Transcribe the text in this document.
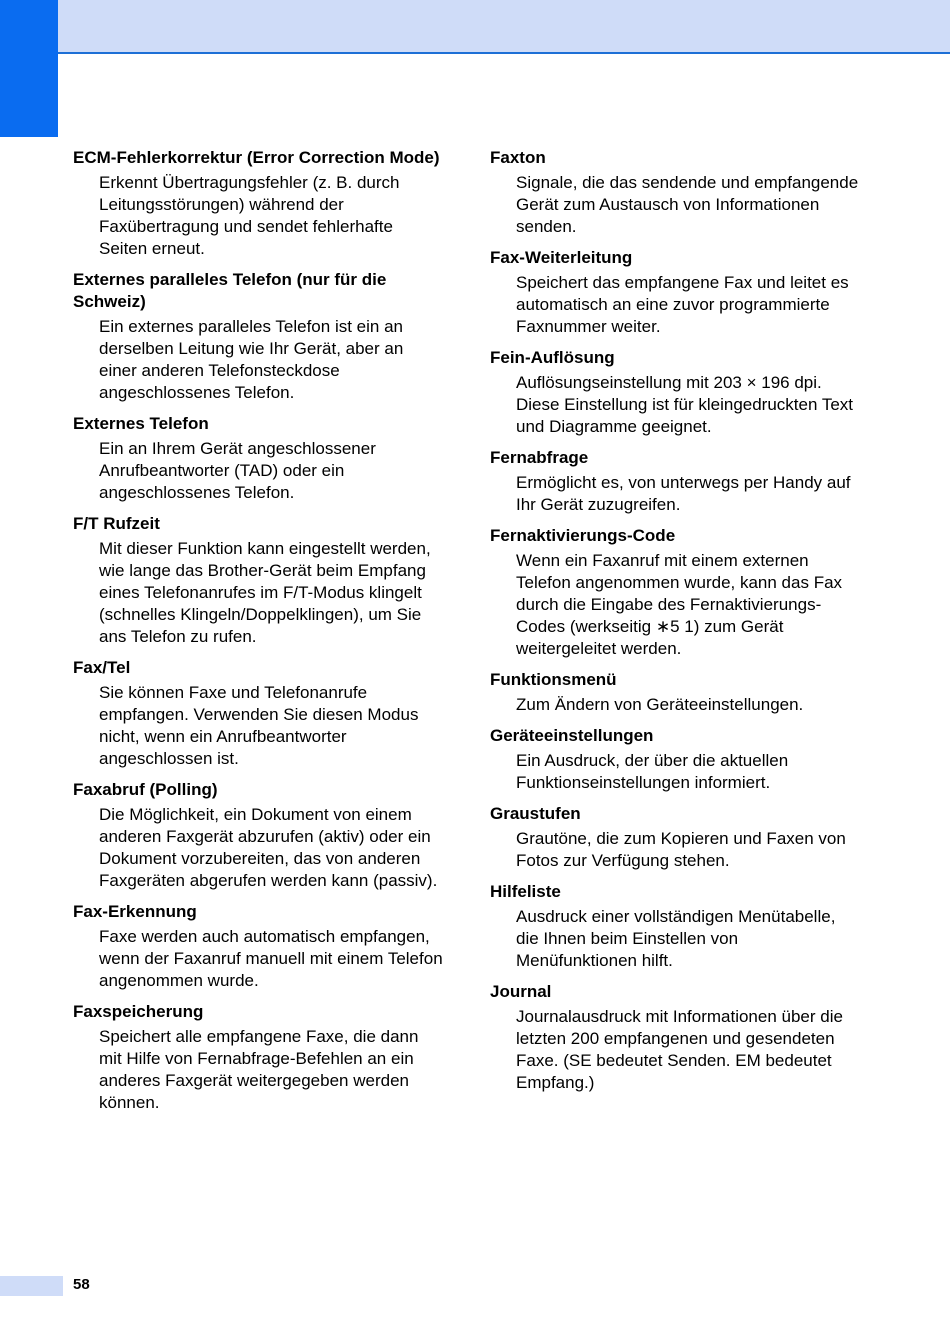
ECM-Fehlerkorrektur (Error Correction Mode)
Erkennt Übertragungsfehler (z. B. durch Leitungsstörungen) während der Faxübertragung und sendet fehlerhafte Seiten erneut.
Externes paralleles Telefon (nur für die Schweiz)
Ein externes paralleles Telefon ist ein an derselben Leitung wie Ihr Gerät, aber an einer anderen Telefonsteckdose angeschlossenes Telefon.
Externes Telefon
Ein an Ihrem Gerät angeschlossener Anrufbeantworter (TAD) oder ein angeschlossenes Telefon.
F/T Rufzeit
Mit dieser Funktion kann eingestellt werden, wie lange das Brother-Gerät beim Empfang eines Telefonanrufes im F/T-Modus klingelt (schnelles Klingeln/Doppelklingen), um Sie ans Telefon zu rufen.
Fax/Tel
Sie können Faxe und Telefonanrufe empfangen. Verwenden Sie diesen Modus nicht, wenn ein Anrufbeantworter angeschlossen ist.
Faxabruf (Polling)
Die Möglichkeit, ein Dokument von einem anderen Faxgerät abzurufen (aktiv) oder ein Dokument vorzubereiten, das von anderen Faxgeräten abgerufen werden kann (passiv).
Fax-Erkennung
Faxe werden auch automatisch empfangen, wenn der Faxanruf manuell mit einem Telefon angenommen wurde.
Faxspeicherung
Speichert alle empfangene Faxe, die dann mit Hilfe von Fernabfrage-Befehlen an ein anderes Faxgerät weitergegeben werden können.
Faxton
Signale, die das sendende und empfangende Gerät zum Austausch von Informationen senden.
Fax-Weiterleitung
Speichert das empfangene Fax und leitet es automatisch an eine zuvor programmierte Faxnummer weiter.
Fein-Auflösung
Auflösungseinstellung mit 203 × 196 dpi. Diese Einstellung ist für kleingedruckten Text und Diagramme geeignet.
Fernabfrage
Ermöglicht es, von unterwegs per Handy auf Ihr Gerät zuzugreifen.
Fernaktivierungs-Code
Wenn ein Faxanruf mit einem externen Telefon angenommen wurde, kann das Fax durch die Eingabe des Fernaktivierungs-Codes (werkseitig ∗5 1) zum Gerät weitergeleitet werden.
Funktionsmenü
Zum Ändern von Geräteeinstellungen.
Geräteeinstellungen
Ein Ausdruck, der über die aktuellen Funktionseinstellungen informiert.
Graustufen
Grautöne, die zum Kopieren und Faxen von Fotos zur Verfügung stehen.
Hilfeliste
Ausdruck einer vollständigen Menütabelle, die Ihnen beim Einstellen von Menüfunktionen hilft.
Journal
Journalausdruck mit Informationen über die letzten 200 empfangenen und gesendeten Faxe. (SE bedeutet Senden. EM bedeutet Empfang.)
58
